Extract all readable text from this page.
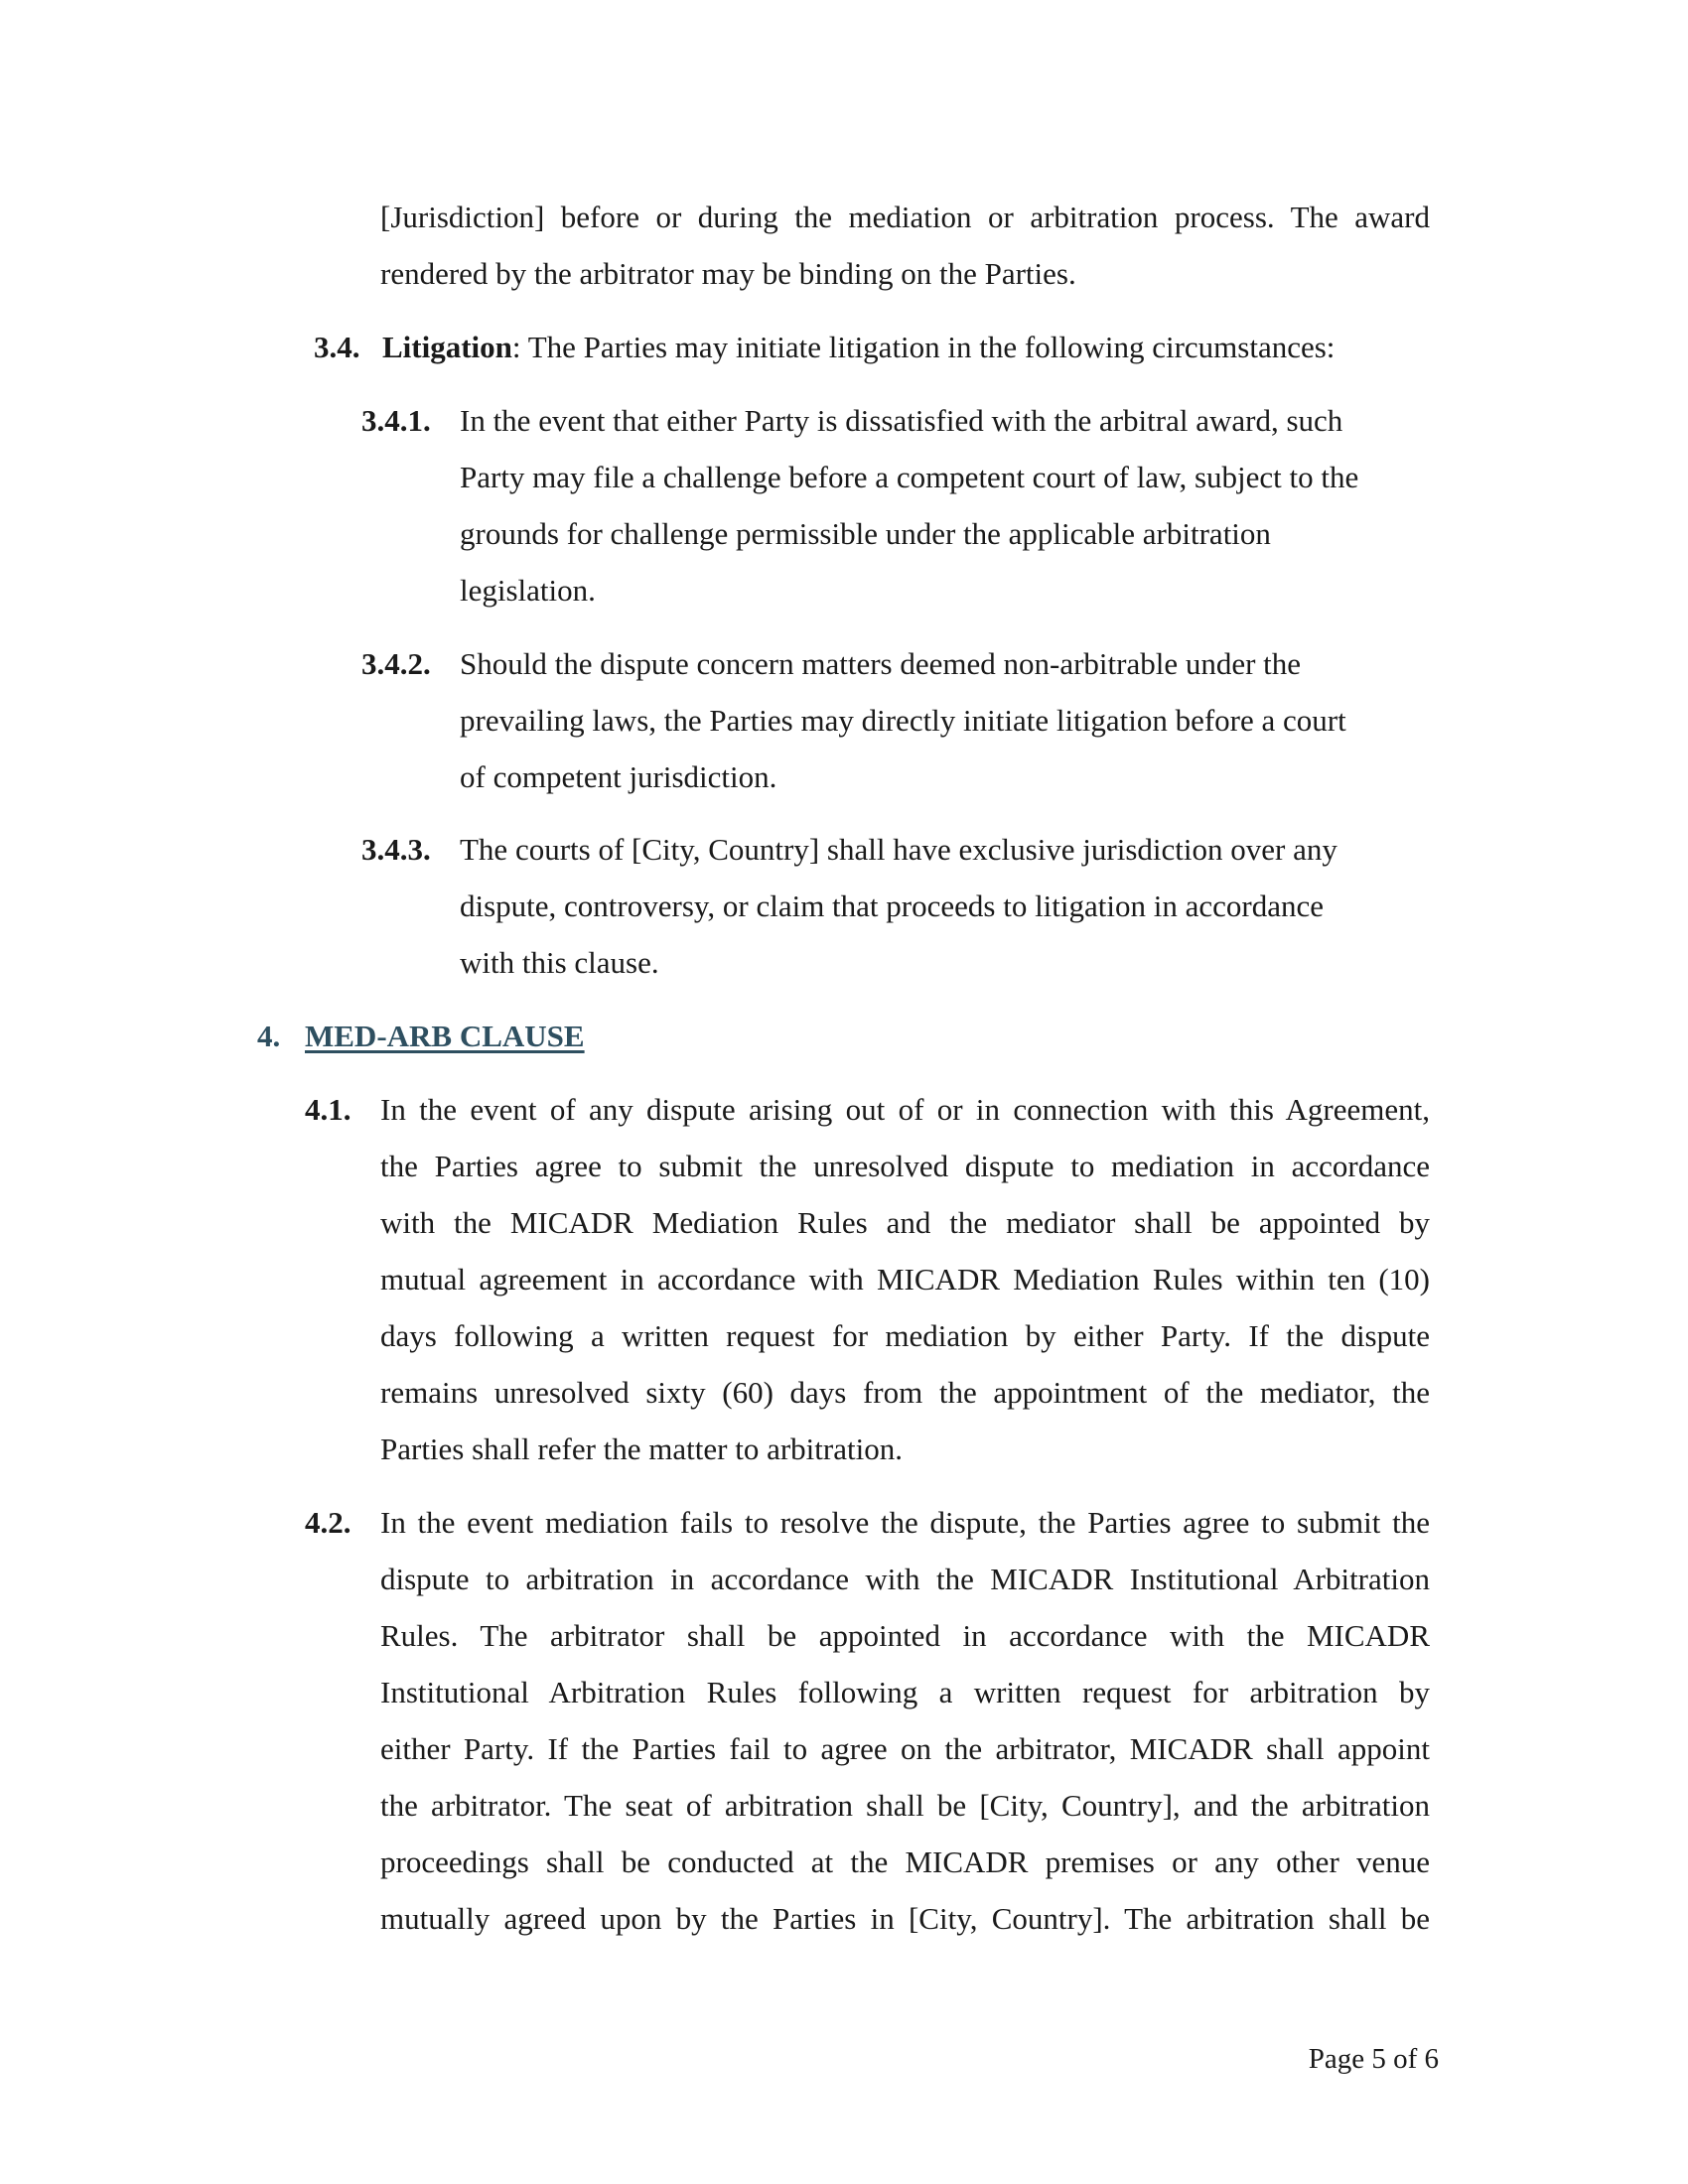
[Jurisdiction] before or during the mediation or arbitration process. The award
rendered by the arbitrator may be binding on the Parties.
3.4. Litigation: The Parties may initiate litigation in the following circumstances:
3.4.1. In the event that either Party is dissatisfied with the arbitral award, such
Party may file a challenge before a competent court of law, subject to the
grounds for challenge permissible under the applicable arbitration
legislation.
3.4.2. Should the dispute concern matters deemed non-arbitrable under the
prevailing laws, the Parties may directly initiate litigation before a court
of competent jurisdiction.
3.4.3. The courts of [City, Country] shall have exclusive jurisdiction over any
dispute, controversy, or claim that proceeds to litigation in accordance
with this clause.
4. MED-ARB CLAUSE
4.1. In the event of any dispute arising out of or in connection with this Agreement,
the Parties agree to submit the unresolved dispute to mediation in accordance
with the MICADR Mediation Rules and the mediator shall be appointed by
mutual agreement in accordance with MICADR Mediation Rules within ten (10)
days following a written request for mediation by either Party. If the dispute
remains unresolved sixty (60) days from the appointment of the mediator, the
Parties shall refer the matter to arbitration.
4.2. In the event mediation fails to resolve the dispute, the Parties agree to submit the
dispute to arbitration in accordance with the MICADR Institutional Arbitration
Rules. The arbitrator shall be appointed in accordance with the MICADR
Institutional Arbitration Rules following a written request for arbitration by
either Party. If the Parties fail to agree on the arbitrator, MICADR shall appoint
the arbitrator. The seat of arbitration shall be [City, Country], and the arbitration
proceedings shall be conducted at the MICADR premises or any other venue
mutually agreed upon by the Parties in [City, Country]. The arbitration shall be
Page 5 of 6
